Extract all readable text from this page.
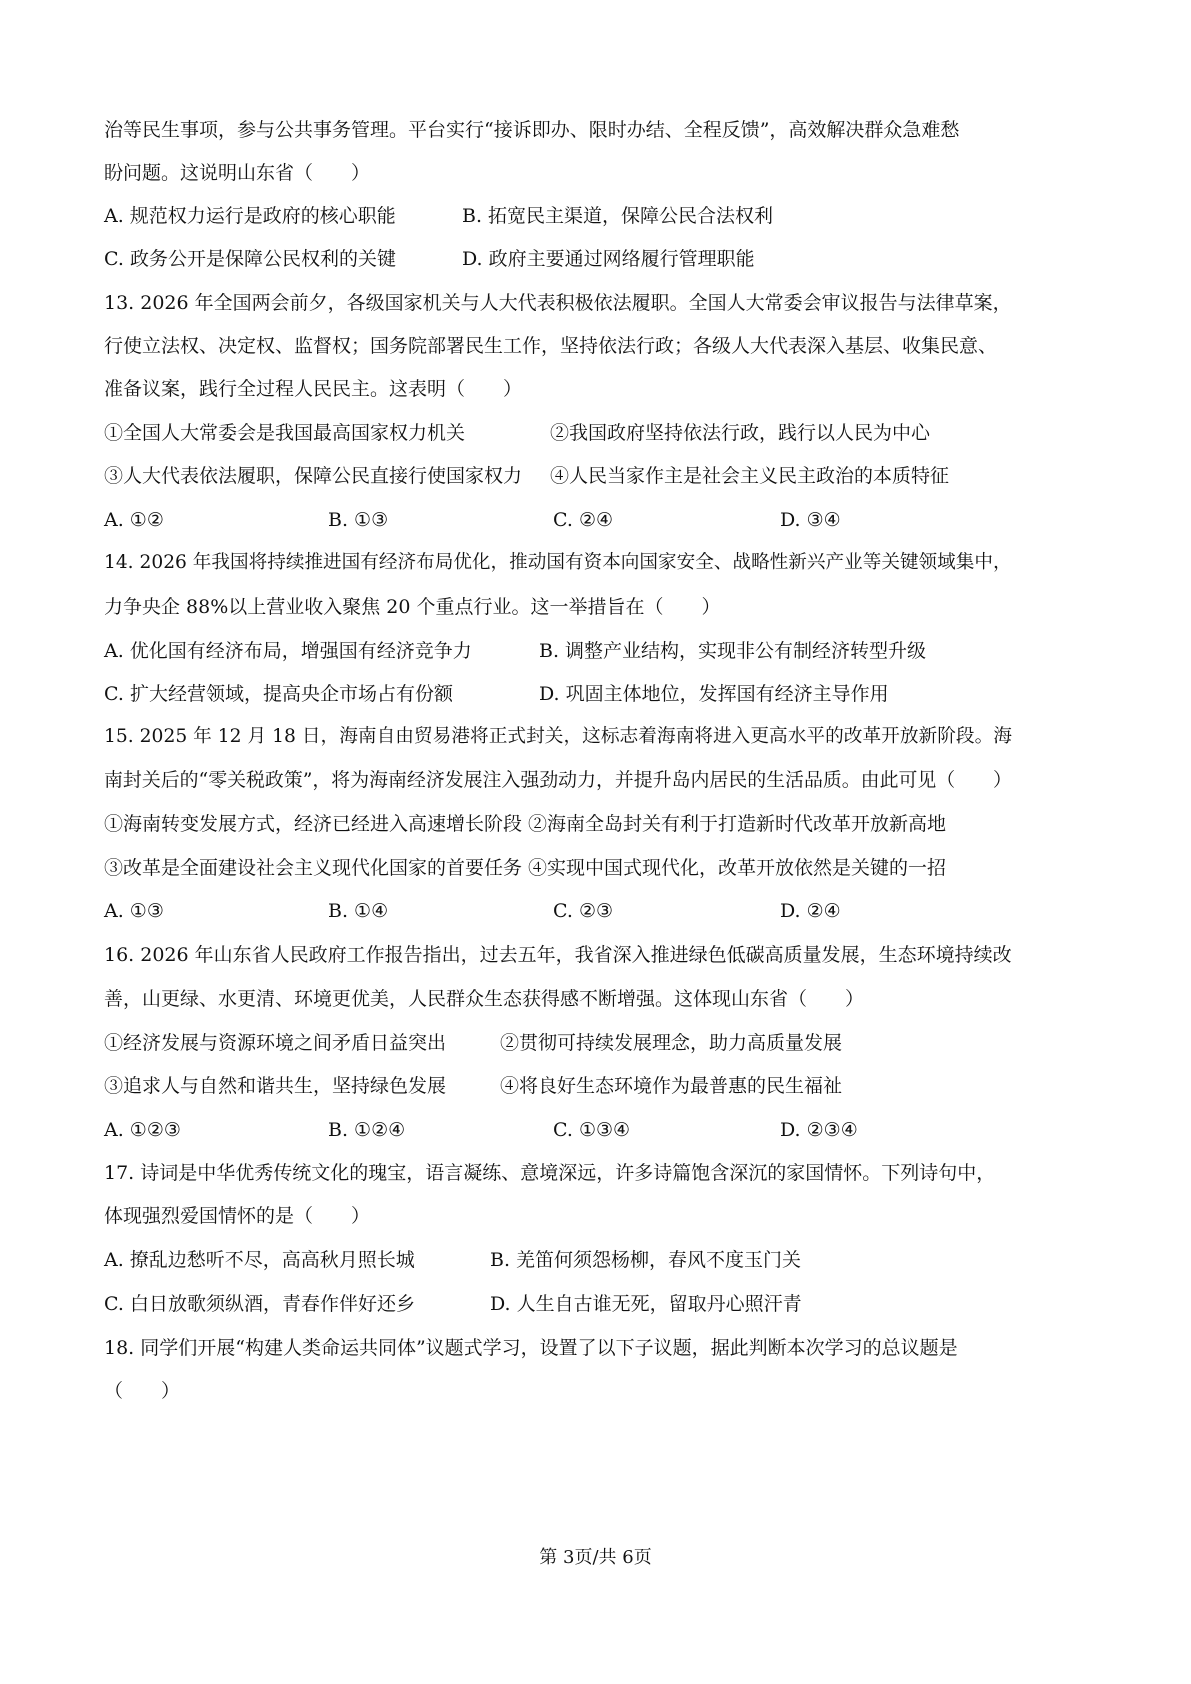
治等民生事项，参与公共事务管理。平台实行“接诉即办、限时办结、全程反馈”，高效解决群众急难愁
盼问题。这说明山东省（　　）
A. 规范权力运行是政府的核心职能	B. 拓宽民主渠道，保障公民合法权利
C. 政务公开是保障公民权利的关键	D. 政府主要通过网络履行管理职能
13. 2026 年全国两会前夕，各级国家机关与人大代表积极依法履职。全国人大常委会审议报告与法律草案，
行使立法权、决定权、监督权；国务院部署民生工作，坚持依法行政；各级人大代表深入基层、收集民意、
准备议案，践行全过程人民民主。这表明（　　）
①全国人大常委会是我国最高国家权力机关	②我国政府坚持依法行政，践行以人民为中心
③人大代表依法履职，保障公民直接行使国家权力 ④人民当家作主是社会主义民主政治的本质特征
A. ①②	B. ①③	C. ②④	D. ③④
14. 2026 年我国将持续推进国有经济布局优化，推动国有资本向国家安全、战略性新兴产业等关键领域集中，
力争央企 88%以上营业收入聚焦 20 个重点行业。这一举措旨在（　　）
A. 优化国有经济布局，增强国有经济竞争力	B. 调整产业结构，实现非公有制经济转型升级
C. 扩大经营领域，提高央企市场占有份额	D. 巩固主体地位，发挥国有经济主导作用
15. 2025 年 12 月 18 日，海南自由贸易港将正式封关，这标志着海南将进入更高水平的改革开放新阶段。海
南封关后的“零关税政策”，将为海南经济发展注入强劲动力，并提升岛内居民的生活品质。由此可见（　　）
①海南转变发展方式，经济已经进入高速增长阶段 ②海南全岛封关有利于打造新时代改革开放新高地
③改革是全面建设社会主义现代化国家的首要任务 ④实现中国式现代化，改革开放依然是关键的一招
A. ①③	B. ①④	C. ②③	D. ②④
16. 2026 年山东省人民政府工作报告指出，过去五年，我省深入推进绿色低碳高质量发展，生态环境持续改
善，山更绿、水更清、环境更优美，人民群众生态获得感不断增强。这体现山东省（　　）
①经济发展与资源环境之间矛盾日益突出	②贯彻可持续发展理念，助力高质量发展
③追求人与自然和谐共生，坚持绿色发展	④将良好生态环境作为最普惠的民生福祉
A. ①②③	B. ①②④	C. ①③④	D. ②③④
17. 诗词是中华优秀传统文化的瑰宝，语言凝练、意境深远，许多诗篇饱含深沉的家国情怀。下列诗句中，
体现强烈爱国情怀的是（　　）
A. 撩乱边愁听不尽，高高秋月照长城	B. 羌笛何须怨杨柳，春风不度玉门关
C. 白日放歌须纵酒，青春作伴好还乡	D. 人生自古谁无死，留取丹心照汗青
18. 同学们开展“构建人类命运共同体”议题式学习，设置了以下子议题，据此判断本次学习的总议题是
（　　）
第 3页/共 6页
